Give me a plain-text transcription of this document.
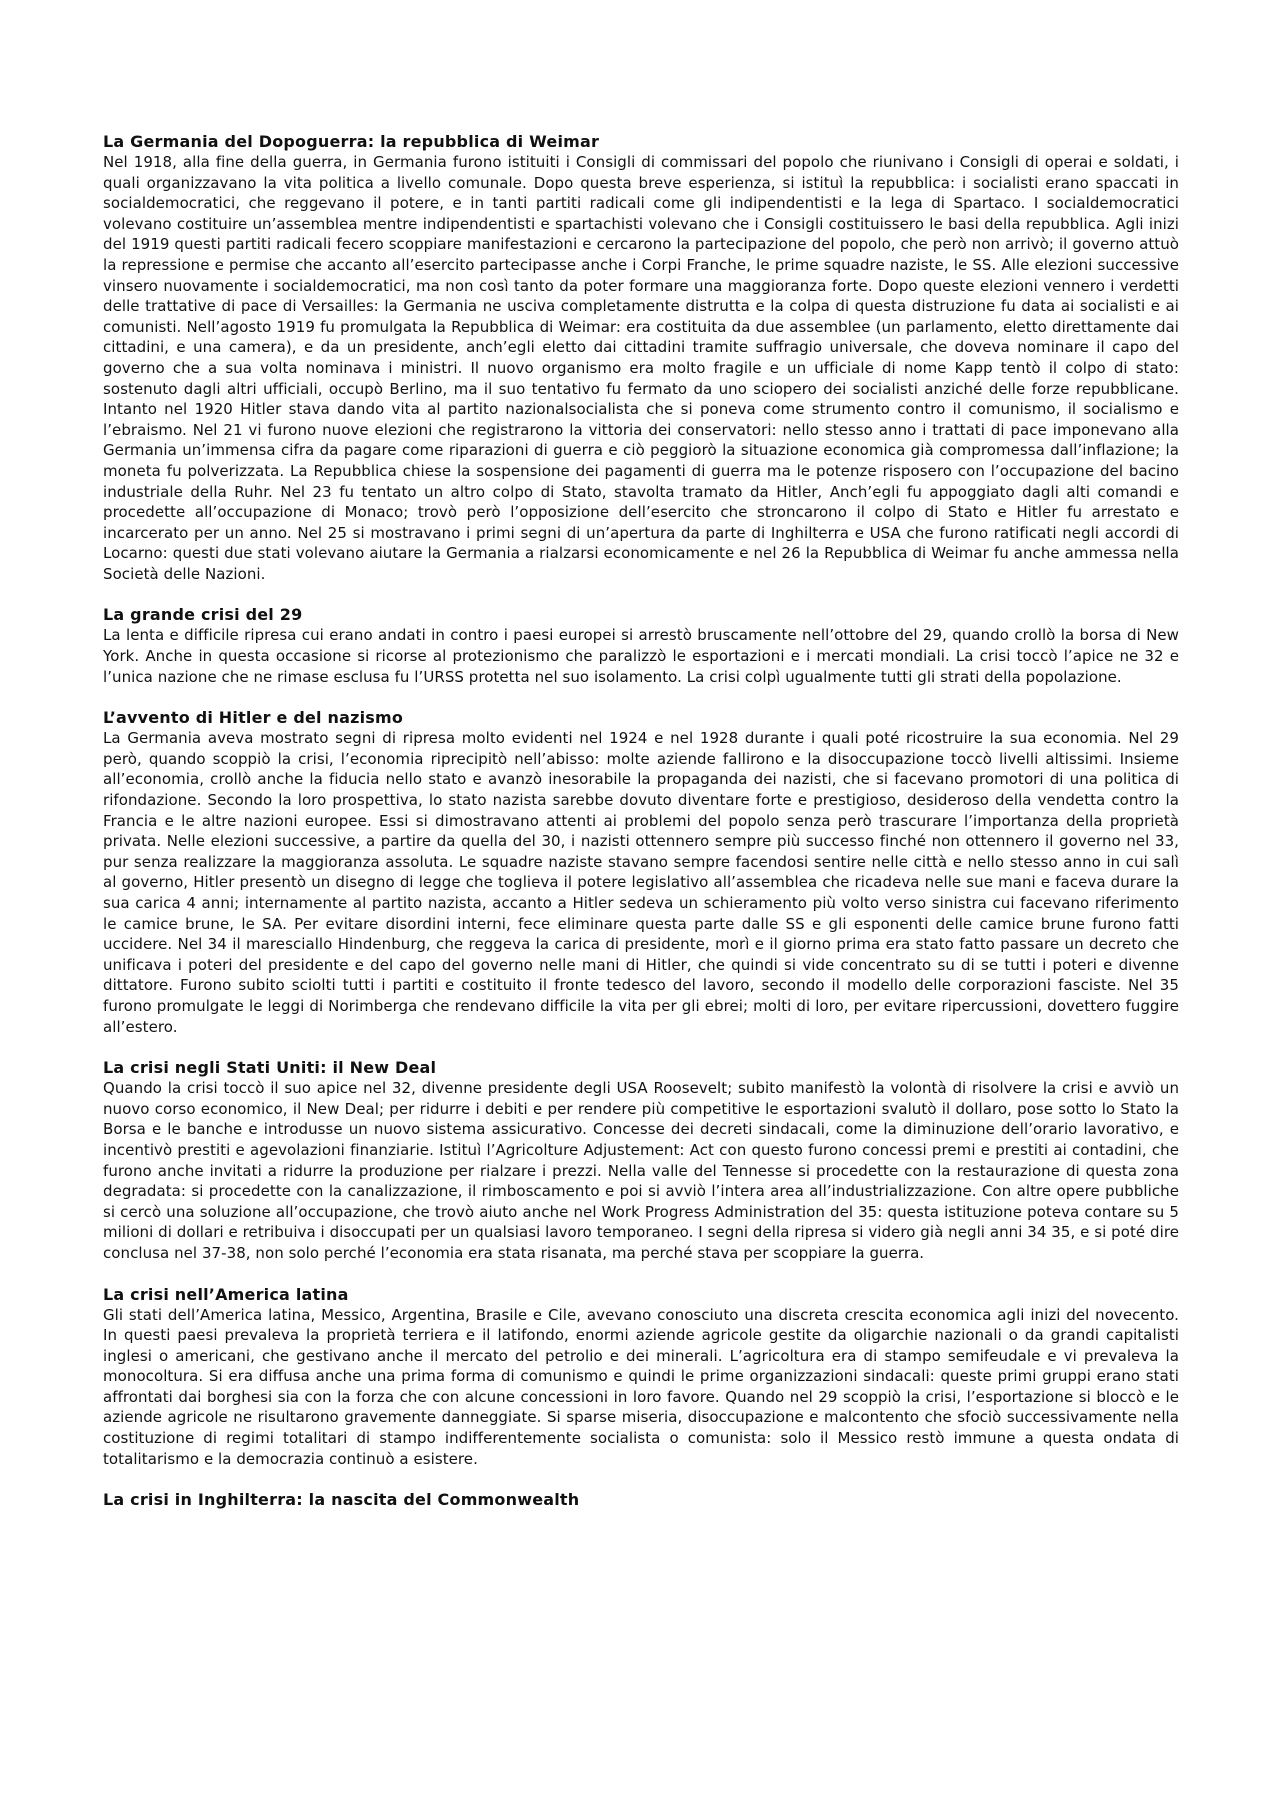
La Germania del Dopoguerra: la repubblica di Weimar

Nel 1918, alla fine della guerra, in Germania furono istituiti i Consigli di commissari del popolo che riunivano i Consigli di operai e soldati, i quali organizzavano la vita politica a livello comunale. Dopo questa breve esperienza, si istituì la repubblica: i socialisti erano spaccati in socialdemocratici, che reggevano il potere, e in tanti partiti radicali come gli indipendentisti e la lega di Spartaco. I socialdemocratici volevano costituire un’assemblea mentre indipendentisti e spartachisti volevano che i Consigli costituissero le basi della repubblica. Agli inizi del 1919 questi partiti radicali fecero scoppiare manifestazioni e cercarono la partecipazione del popolo, che però non arrivò; il governo attuò la repressione e permise che accanto all’esercito partecipasse anche i Corpi Franche, le prime squadre naziste, le SS. Alle elezioni successive vinsero nuovamente i socialdemocratici, ma non così tanto da poter formare una maggioranza forte. Dopo queste elezioni vennero i verdetti delle trattative di pace di Versailles: la Germania ne usciva completamente distrutta e la colpa di questa distruzione fu data ai socialisti e ai comunisti. Nell’agosto 1919 fu promulgata la Repubblica di Weimar: era costituita da due assemblee (un parlamento, eletto direttamente dai cittadini, e una camera), e da un presidente, anch’egli eletto dai cittadini tramite suffragio universale, che doveva nominare il capo del governo che a sua volta nominava i ministri. Il nuovo organismo era molto fragile e un ufficiale di nome Kapp tentò il colpo di stato: sostenuto dagli altri ufficiali, occupò Berlino, ma il suo tentativo fu fermato da uno sciopero dei socialisti anziché delle forze repubblicane. Intanto nel 1920 Hitler stava dando vita al partito nazionalsocialista che si poneva come strumento contro il comunismo, il socialismo e l’ebraismo. Nel 21 vi furono nuove elezioni che registrarono la vittoria dei conservatori: nello stesso anno i trattati di pace imponevano alla Germania un’immensa cifra da pagare come riparazioni di guerra e ciò peggiorò la situazione economica già compromessa dall’inflazione; la moneta fu polverizzata. La Repubblica chiese la sospensione dei pagamenti di guerra ma le potenze risposero con l’occupazione del bacino industriale della Ruhr. Nel 23 fu tentato un altro colpo di Stato, stavolta tramato da Hitler, Anch’egli fu appoggiato dagli alti comandi e procedette all’occupazione di Monaco; trovò però l’opposizione dell’esercito che stroncarono il colpo di Stato e Hitler fu arrestato e incarcerato per un anno. Nel 25 si mostravano i primi segni di un’apertura da parte di Inghilterra e USA che furono ratificati negli accordi di Locarno: questi due stati volevano aiutare la Germania a rialzarsi economicamente e nel 26 la Repubblica di Weimar fu anche ammessa nella Società delle Nazioni.

La grande crisi del 29

La lenta e difficile ripresa cui erano andati in contro i paesi europei si arrestò bruscamente nell’ottobre del 29, quando crollò la borsa di New York. Anche in questa occasione si ricorse al protezionismo che paralizzò le esportazioni e i mercati mondiali. La crisi toccò l’apice ne 32 e l’unica nazione che ne rimase esclusa fu l’URSS protetta nel suo isolamento. La crisi colpì ugualmente tutti gli strati della popolazione.

L’avvento di Hitler e del nazismo

La Germania aveva mostrato segni di ripresa molto evidenti nel 1924 e nel 1928 durante i quali poté ricostruire la sua economia. Nel 29 però, quando scoppiò la crisi, l’economia riprecipitò nell’abisso: molte aziende fallirono e la disoccupazione toccò livelli altissimi. Insieme all’economia, crollò anche la fiducia nello stato e avanzò inesorabile la propaganda dei nazisti, che si facevano promotori di una politica di rifondazione. Secondo la loro prospettiva, lo stato nazista sarebbe dovuto diventare forte e prestigioso, desideroso della vendetta contro la Francia e le altre nazioni europee. Essi si dimostravano attenti ai problemi del popolo senza però trascurare l’importanza della proprietà privata. Nelle elezioni successive, a partire da quella del 30, i nazisti ottennero sempre più successo finché non ottennero il governo nel 33, pur senza realizzare la maggioranza assoluta. Le squadre naziste stavano sempre facendosi sentire nelle città e nello stesso anno in cui salì al governo, Hitler presentò un disegno di legge che toglieva il potere legislativo all’assemblea che ricadeva nelle sue mani e faceva durare la sua carica 4 anni; internamente al partito nazista, accanto a Hitler sedeva un schieramento più volto verso sinistra cui facevano riferimento le camice brune, le SA. Per evitare disordini interni, fece eliminare questa parte dalle SS e gli esponenti delle camice brune furono fatti uccidere. Nel 34 il maresciallo Hindenburg, che reggeva la carica di presidente, morì e il giorno prima era stato fatto passare un decreto che unificava i poteri del presidente e del capo del governo nelle mani di Hitler, che quindi si vide concentrato su di se tutti i poteri e divenne dittatore. Furono subito sciolti tutti i partiti e costituito il fronte tedesco del lavoro, secondo il modello delle corporazioni fasciste. Nel 35 furono promulgate le leggi di Norimberga che rendevano difficile la vita per gli ebrei; molti di loro, per evitare ripercussioni, dovettero fuggire all’estero.

La crisi negli Stati Uniti: il New Deal

Quando la crisi toccò il suo apice nel 32, divenne presidente degli USA Roosevelt; subito manifestò la volontà di risolvere la crisi e avviò un nuovo corso economico, il New Deal; per ridurre i debiti e per rendere più competitive le esportazioni svalutò il dollaro, pose sotto lo Stato la Borsa e le banche e introdusse un nuovo sistema assicurativo. Concesse dei decreti sindacali, come la diminuzione dell’orario lavorativo, e incentivò prestiti e agevolazioni finanziarie. Istituì l’Agricolture Adjustement: Act con questo furono concessi premi e prestiti ai contadini, che furono anche invitati a ridurre la produzione per rialzare i prezzi. Nella valle del Tennesse si procedette con la restaurazione di questa zona degradata: si procedette con la canalizzazione, il rimboscamento e poi si avviò l’intera area all’industrializzazione. Con altre opere pubbliche si cercò una soluzione all’occupazione, che trovò aiuto anche nel Work Progress Administration del 35: questa istituzione poteva contare su 5 milioni di dollari e retribuiva i disoccupati per un qualsiasi lavoro temporaneo. I segni della ripresa si videro già negli anni 34 35, e si poté dire conclusa nel 37-38, non solo perché l’economia era stata risanata, ma perché stava per scoppiare la guerra.

La crisi nell’America latina

Gli stati dell’America latina, Messico, Argentina, Brasile e Cile, avevano conosciuto una discreta crescita economica agli inizi del novecento. In questi paesi prevaleva la proprietà terriera e il latifondo, enormi aziende agricole gestite da oligarchie nazionali o da grandi capitalisti inglesi o americani, che gestivano anche il mercato del petrolio e dei minerali. L’agricoltura era di stampo semifeudale e vi prevaleva la monocoltura. Si era diffusa anche una prima forma di comunismo e quindi le prime organizzazioni sindacali: queste primi gruppi erano stati affrontati dai borghesi sia con la forza che con alcune concessioni in loro favore. Quando nel 29 scoppiò la crisi, l’esportazione si bloccò e le aziende agricole ne risultarono gravemente danneggiate. Si sparse miseria, disoccupazione e malcontento che sfociò successivamente nella costituzione di regimi totalitari di stampo indifferentemente socialista o comunista: solo il Messico restò immune a questa ondata di totalitarismo e la democrazia continuò a esistere.

La crisi in Inghilterra: la nascita del Commonwealth
